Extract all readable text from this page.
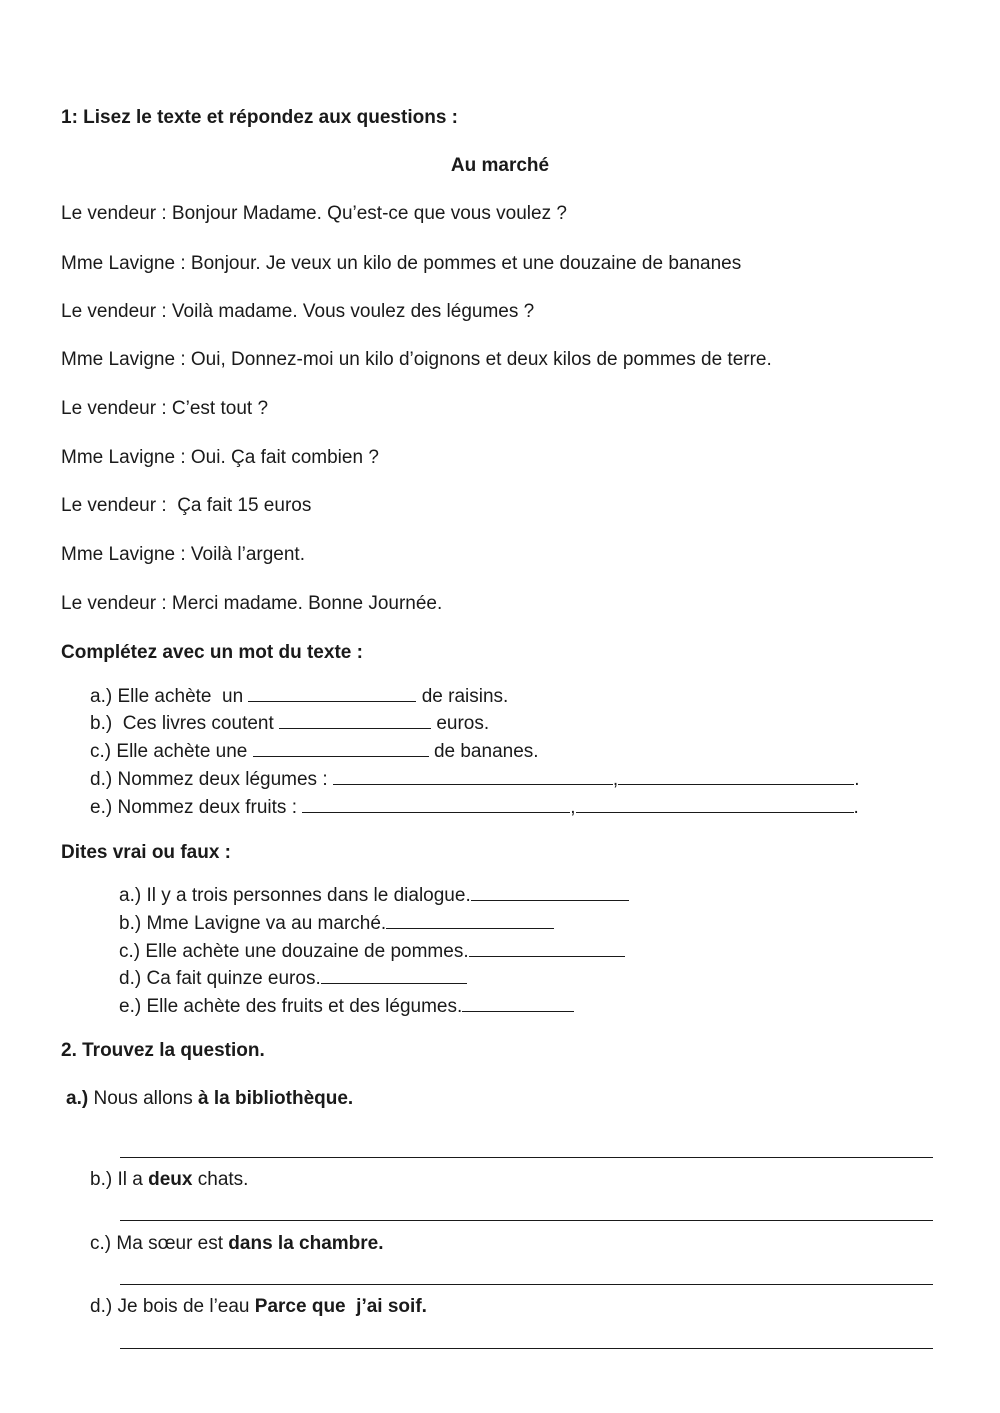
1: Lisez le texte et répondez aux questions :
Au marché
Le vendeur : Bonjour Madame. Qu’est-ce que vous voulez ?
Mme Lavigne : Bonjour. Je veux un kilo de pommes et une douzaine de bananes
Le vendeur : Voilà madame. Vous voulez des légumes ?
Mme Lavigne : Oui, Donnez-moi un kilo d’oignons et deux kilos de pommes de terre.
Le vendeur : C’est tout ?
Mme Lavigne : Oui. Ça fait combien ?
Le vendeur :  Ça fait 15 euros
Mme Lavigne : Voilà l’argent.
Le vendeur : Merci madame. Bonne Journée.
Complétez avec un mot du texte :
a.) Elle achète  un	de raisins.
b.)  Ces livres coutent	euros.
c.) Elle achète une	de bananes.
d.) Nommez deux légumes :	,	.
e.) Nommez deux fruits :	,	.
Dites vrai ou faux :
a.) Il y a trois personnes dans le dialogue.
b.) Mme Lavigne va au marché.
c.) Elle achète une douzaine de pommes.
d.) Ca fait quinze euros.
e.) Elle achète des fruits et des légumes.
2. Trouvez la question.
a.) Nous allons à la bibliothèque.
b.) Il a deux chats.
c.) Ma sœur est dans la chambre.
d.) Je bois de l’eau Parce que  j’ai soif.
